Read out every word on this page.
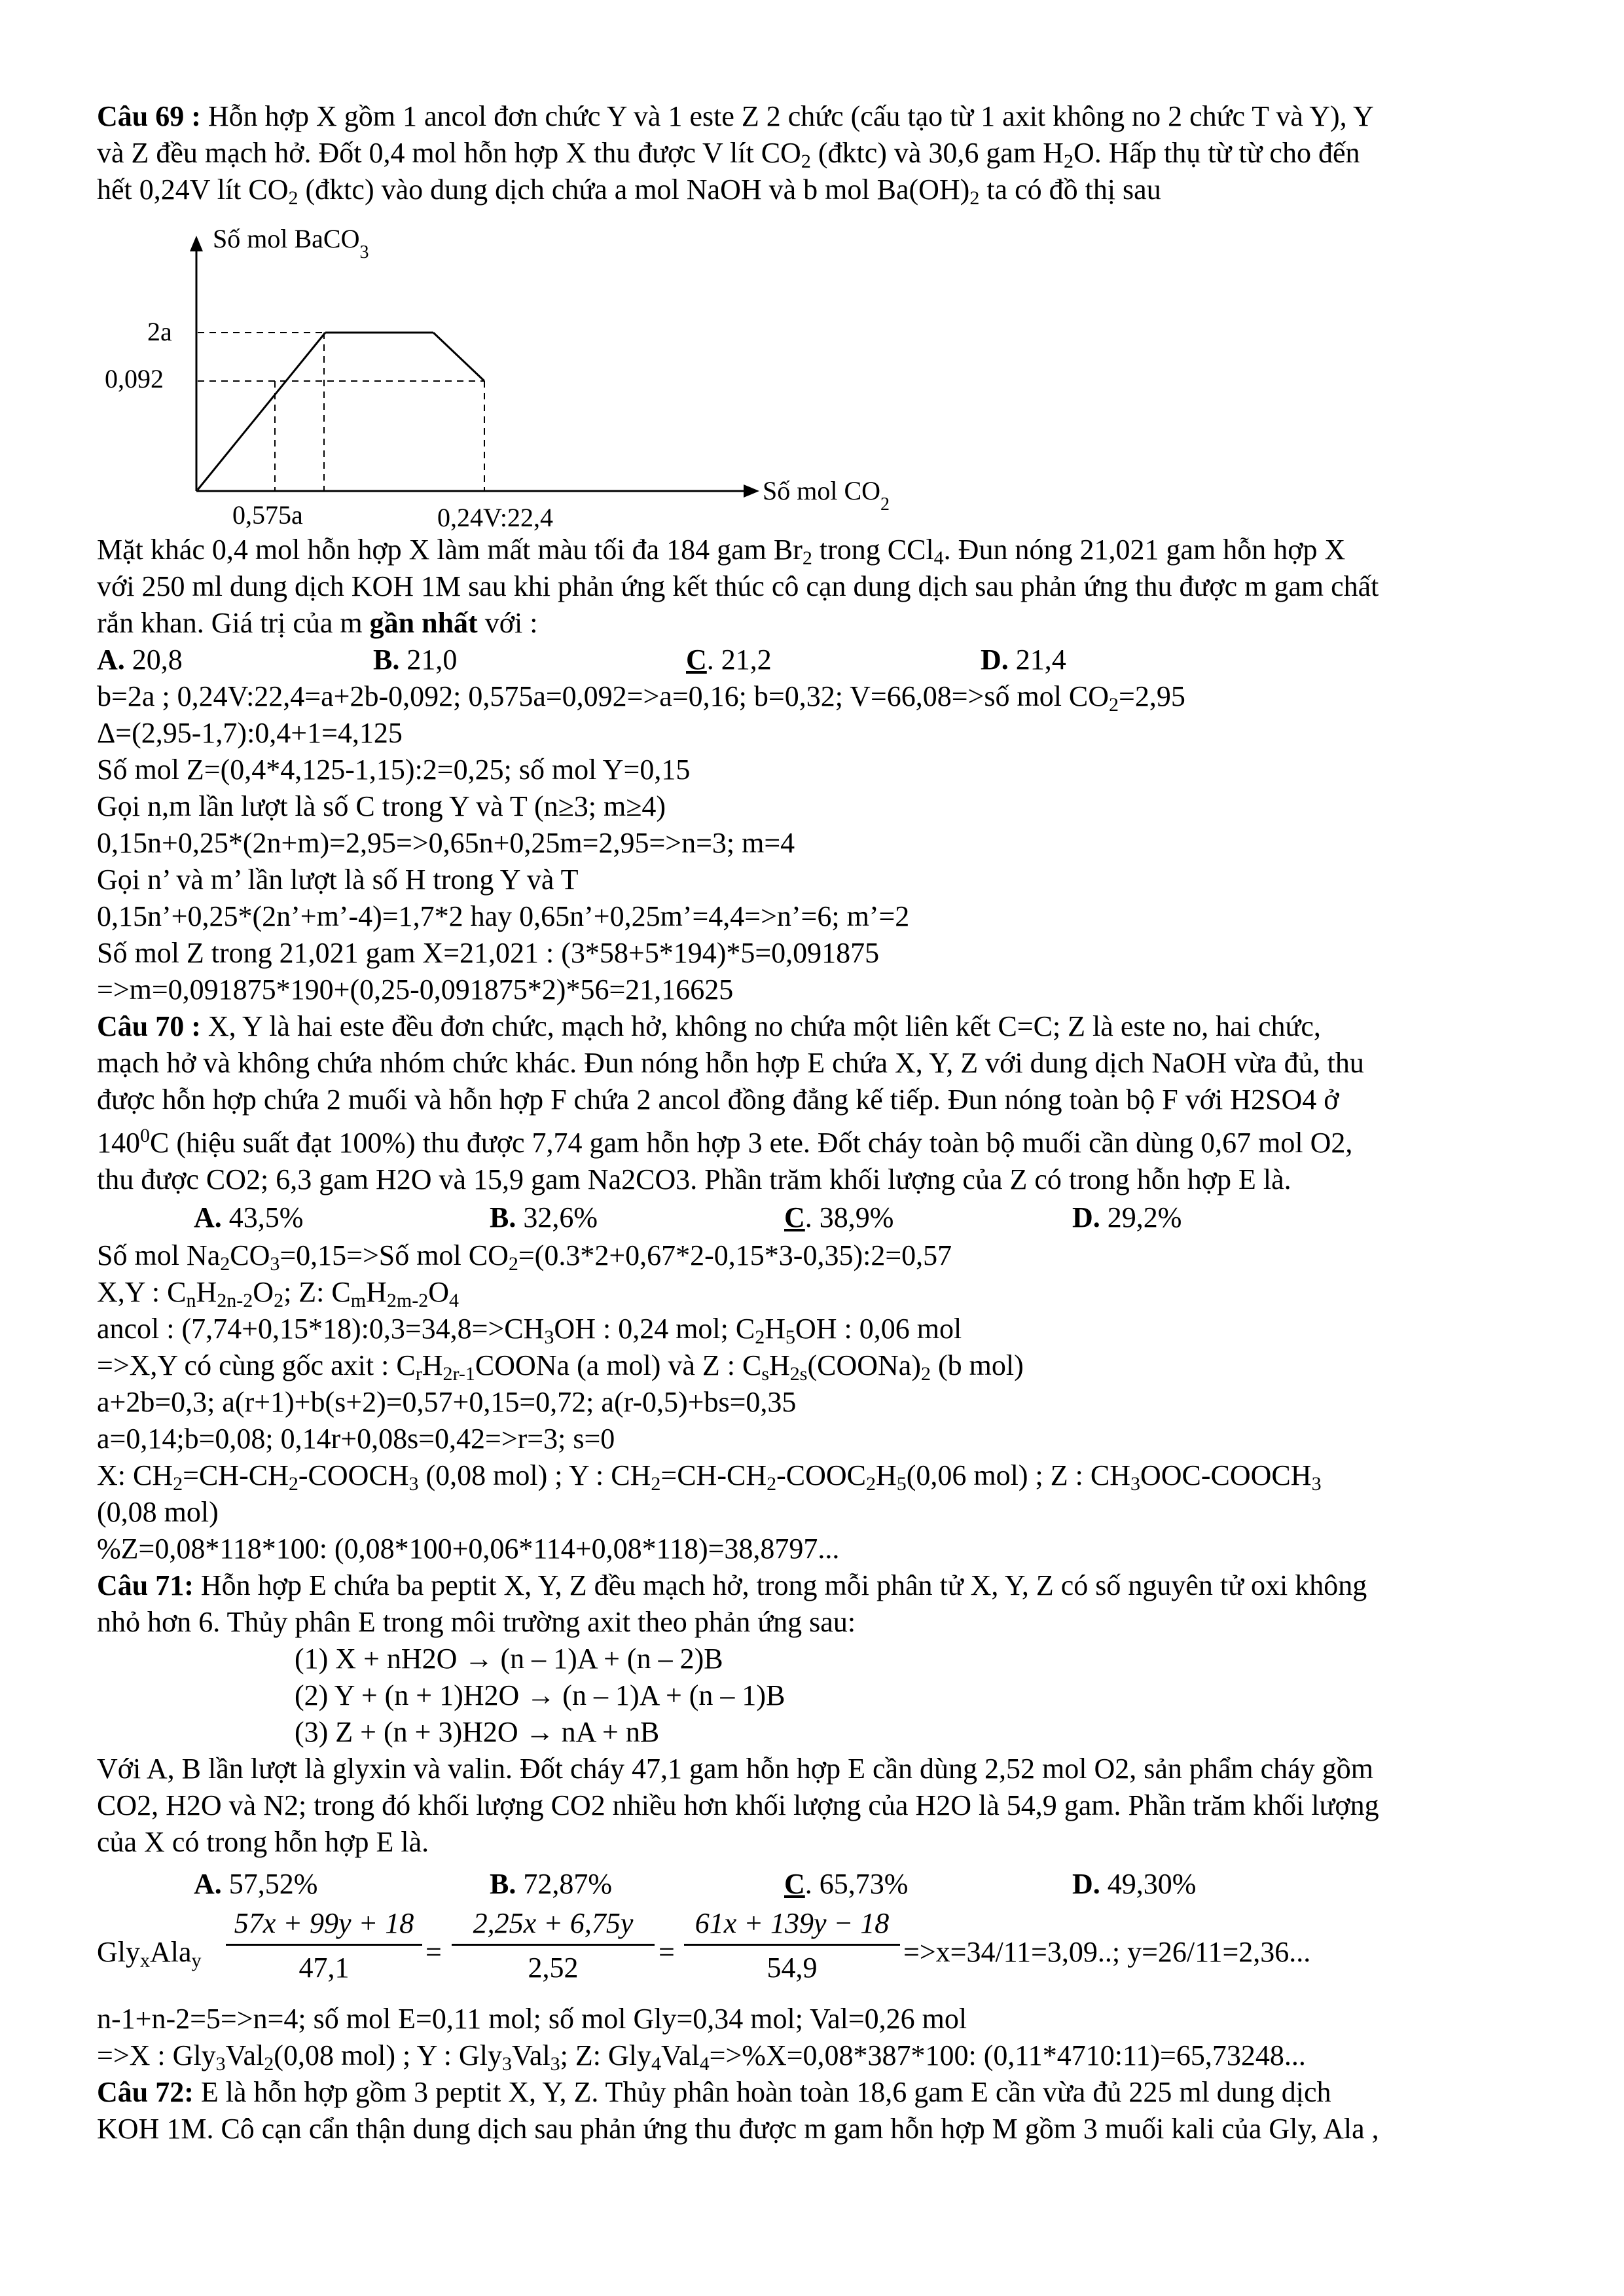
Câu 69 : Hỗn hợp X gồm 1 ancol đơn chức Y và 1 este Z 2 chức (cấu tạo từ 1 axit không no 2 chức T và Y), Y
và Z đều mạch hở. Đốt 0,4 mol hỗn hợp X thu được V lít $CO_2$ (đktc) và 30,6 gam $H_2O$. Hấp thụ từ từ cho đến
hết 0,24V lít $CO_2$ (đktc) vào dung dịch chứa a mol NaOH và b mol $Ba(OH)_2$ ta có đồ thị sau
Số mol BaCO$_3$
Số mol $CO_2$
2a
0,092
0,575a	0,24V:22,4
Mặt khác 0,4 mol hỗn hợp X làm mất màu tối đa 184 gam $Br_2$ trong CCl$_4$. Đun nóng 21,021 gam hỗn hợp X
với 250 ml dung dịch KOH 1M sau khi phản ứng kết thúc cô cạn dung dịch sau phản ứng thu được m gam chất
rắn khan. Giá trị của m gần nhất với :
A. 20,8	B. 21,0	C. 21,2	D. 21,4
b=2a ; 0,24V:22,4=a+2b-0,092; 0,575a=0,092=>a=0,16; b=0,32; V=66,08=>số mol $CO_2=2,95$
Δ=(2,95-1,7):0,4+1=4,125
Số mol Z=(0,4*4,125-1,15):2=0,25; số mol Y=0,15
Gọi n,m lần lượt là số C trong Y và T (n≥3; m≥4)
0,15n+0,25*(2n+m)=2,95=>0,65n+0,25m=2,95=>n=3; m=4
Gọi n’ và m’ lần lượt là số H trong Y và T
0,15n’+0,25*(2n’+m’-4)=1,7*2 hay 0,65n’+0,25m’=4,4=>n’=6; m’=2
Số mol Z trong 21,021 gam X=21,021 : (3*58+5*194)*5=0,091875
=>m=0,091875*190+(0,25-0,091875*2)*56=21,16625
Câu 70 : X, Y là hai este đều đơn chức, mạch hở, không no chứa một liên kết C=C; Z là este no, hai chức,
mạch hở và không chứa nhóm chức khác. Đun nóng hỗn hợp E chứa X, Y, Z với dung dịch NaOH vừa đủ, thu
được hỗn hợp chứa 2 muối và hỗn hợp F chứa 2 ancol đồng đẳng kế tiếp. Đun nóng toàn bộ F với H2SO4 ở
$140^0C$ (hiệu suất đạt 100%) thu được 7,74 gam hỗn hợp 3 ete. Đốt cháy toàn bộ muối cần dùng 0,67 mol O2,
thu được CO2; 6,3 gam H2O và 15,9 gam Na2CO3. Phần trăm khối lượng của Z có trong hỗn hợp E là.
A. 43,5%	B. 32,6%	C. 38,9%	D. 29,2%
Số mol $Na_2CO_3=0,15=>Số$ mol $CO_2=(0.3*2+0,67*2-0,15*3-0,35):2=0,57$
X,Y : $C_nH_{2n-2}O_2$; Z: $C_mH_{2m-2}O_4$
ancol : $(7,74+0,15*18):0,3=34,8=>CH_3OH$ : 0,24 mol; $C_2H_5OH$ : 0,06 mol
=>X,Y có cùng gốc axit : $C_rH_{2r-1}COONa$ (a mol) và Z : $C_sH_{2s}(COONa)_2$ (b mol)
a+2b=0,3; a(r+1)+b(s+2)=0,57+0,15=0,72; a(r-0,5)+bs=0,35
a=0,14;b=0,08; 0,14r+0,08s=0,42=>r=3; s=0
X: $CH_2=CH-CH_2-COOCH_3$ (0,08 mol) ; Y : $CH_2=CH-CH_2-COOC_2H_5(0,06$ mol) ; Z : $CH_3OOC-COOCH_3$
(0,08 mol)
%Z=0,08*118*100: (0,08*100+0,06*114+0,08*118)=38,8797...
Câu 71: Hỗn hợp E chứa ba peptit X, Y, Z đều mạch hở, trong mỗi phân tử X, Y, Z có số nguyên tử oxi không
nhỏ hơn 6. Thủy phân E trong môi trường axit theo phản ứng sau:
(1) X + nH2O → (n – 1)A + (n – 2)B
(2) Y + (n + 1)H2O → (n – 1)A + (n – 1)B
(3) Z + (n + 3)H2O → nA + nB
Với A, B lần lượt là glyxin và valin. Đốt cháy 47,1 gam hỗn hợp E cần dùng 2,52 mol O2, sản phẩm cháy gồm
CO2, H2O và N2; trong đó khối lượng CO2 nhiều hơn khối lượng của H2O là 54,9 gam. Phần trăm khối lượng
của X có trong hỗn hợp E là.
A. 57,52%	B. 72,87%	C. 65,73%	D. 49,30%
$Gly_xAla_y \frac{57x + 99y + 18}{47,1} = \frac{2,25x + 6,75y}{2,52} = \frac{61x + 139y - 18}{54,9} =>x=34/11=3,09$..; y=26/11=2,36...
n-1+n-2=5=>n=4; số mol E=0,11 mol; số mol Gly=0,34 mol; Val=0,26 mol
=>X : Gly$_3$Val$_2$(0,08 mol) ; Y : Gly$_3$Val$_3$; Z: Gly$_4$Val$_4$=>%X=0,08*387*100: (0,11*4710:11)=65,73248...
Câu 72: E là hỗn hợp gồm 3 peptit X, Y, Z. Thủy phân hoàn toàn 18,6 gam E cần vừa đủ 225 ml dung dịch
KOH 1M. Cô cạn cẩn thận dung dịch sau phản ứng thu được m gam hỗn hợp M gồm 3 muối kali của Gly, Ala ,
